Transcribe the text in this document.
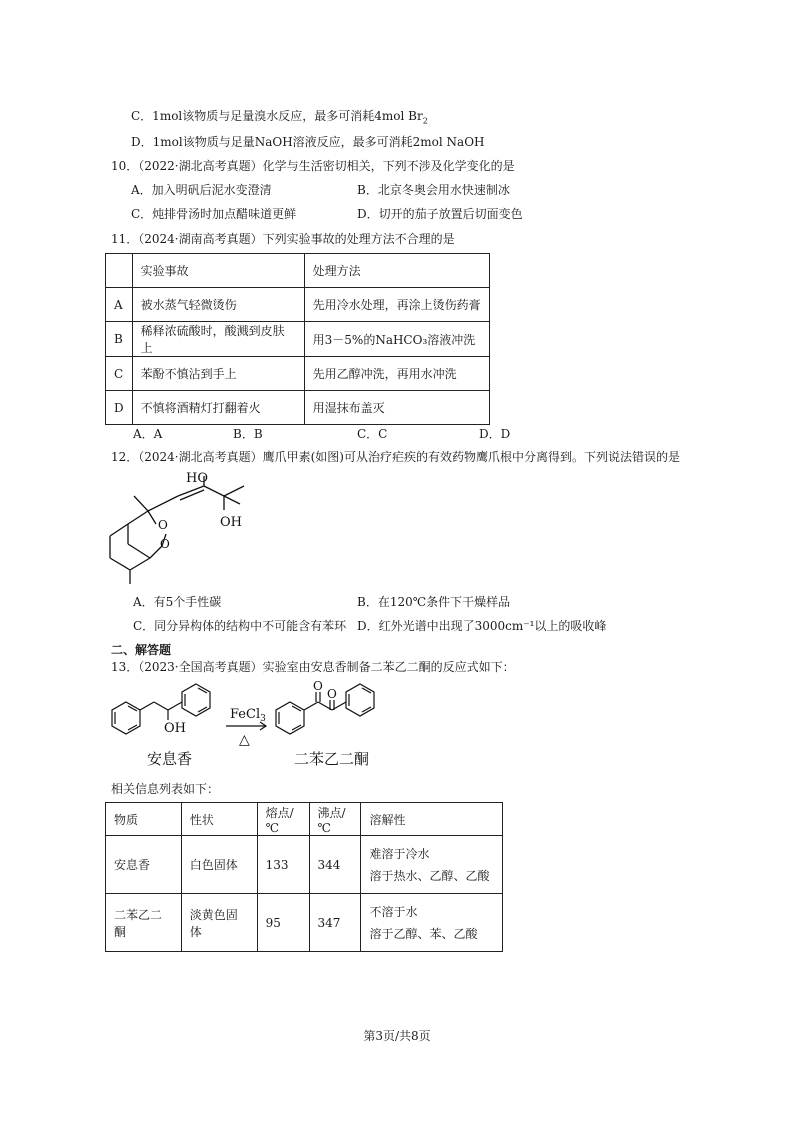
C．1mol该物质与足量溴水反应，最多可消耗4mol $Br_2$
D．1mol该物质与足量NaOH溶液反应，最多可消耗2mol NaOH
10．（2022·湖北高考真题）化学与生活密切相关，下列不涉及化学变化的是
A．加入明矾后泥水变澄清	B．北京冬奥会用水快速制冰
C．炖排骨汤时加点醋味道更鲜	D．切开的茄子放置后切面变色
11．（2024·湖南高考真题）下列实验事故的处理方法不合理的是
	实验事故	处理方法
A	被水蒸气轻微烫伤	先用冷水处理，再涂上烫伤药膏
B	稀释浓硫酸时，酸溅到皮肤上	用3－5%的NaHCO₃溶液冲洗
C	苯酚不慎沾到手上	先用乙醇冲洗，再用水冲洗
D	不慎将酒精灯打翻着火	用湿抹布盖灭
A．A	B．B	C．C	D．D
12．（2024·湖北高考真题）鹰爪甲素(如图)可从治疗疟疾的有效药物鹰爪根中分离得到。下列说法错误的是
HO
OH
O
O
A．有5个手性碳	B．在120℃条件下干燥样品
C．同分异构体的结构中不可能含有苯环 D．红外光谱中出现了3000cm⁻¹以上的吸收峰
二、解答题
13．（2023·全国高考真题）实验室由安息香制备二苯乙二酮的反应式如下：
OH
O
O
FeCl$_3$
△
安息香	二苯乙二酮
相关信息列表如下：
物质	性状	熔点/℃	沸点/℃	溶解性
安息香	白色固体	133	344	难溶于冷水
溶于热水、乙醇、乙酸

二苯乙二酮	淡黄色固体	95	347	不溶于水
溶于乙醇、苯、乙酸
第3页/共8页
